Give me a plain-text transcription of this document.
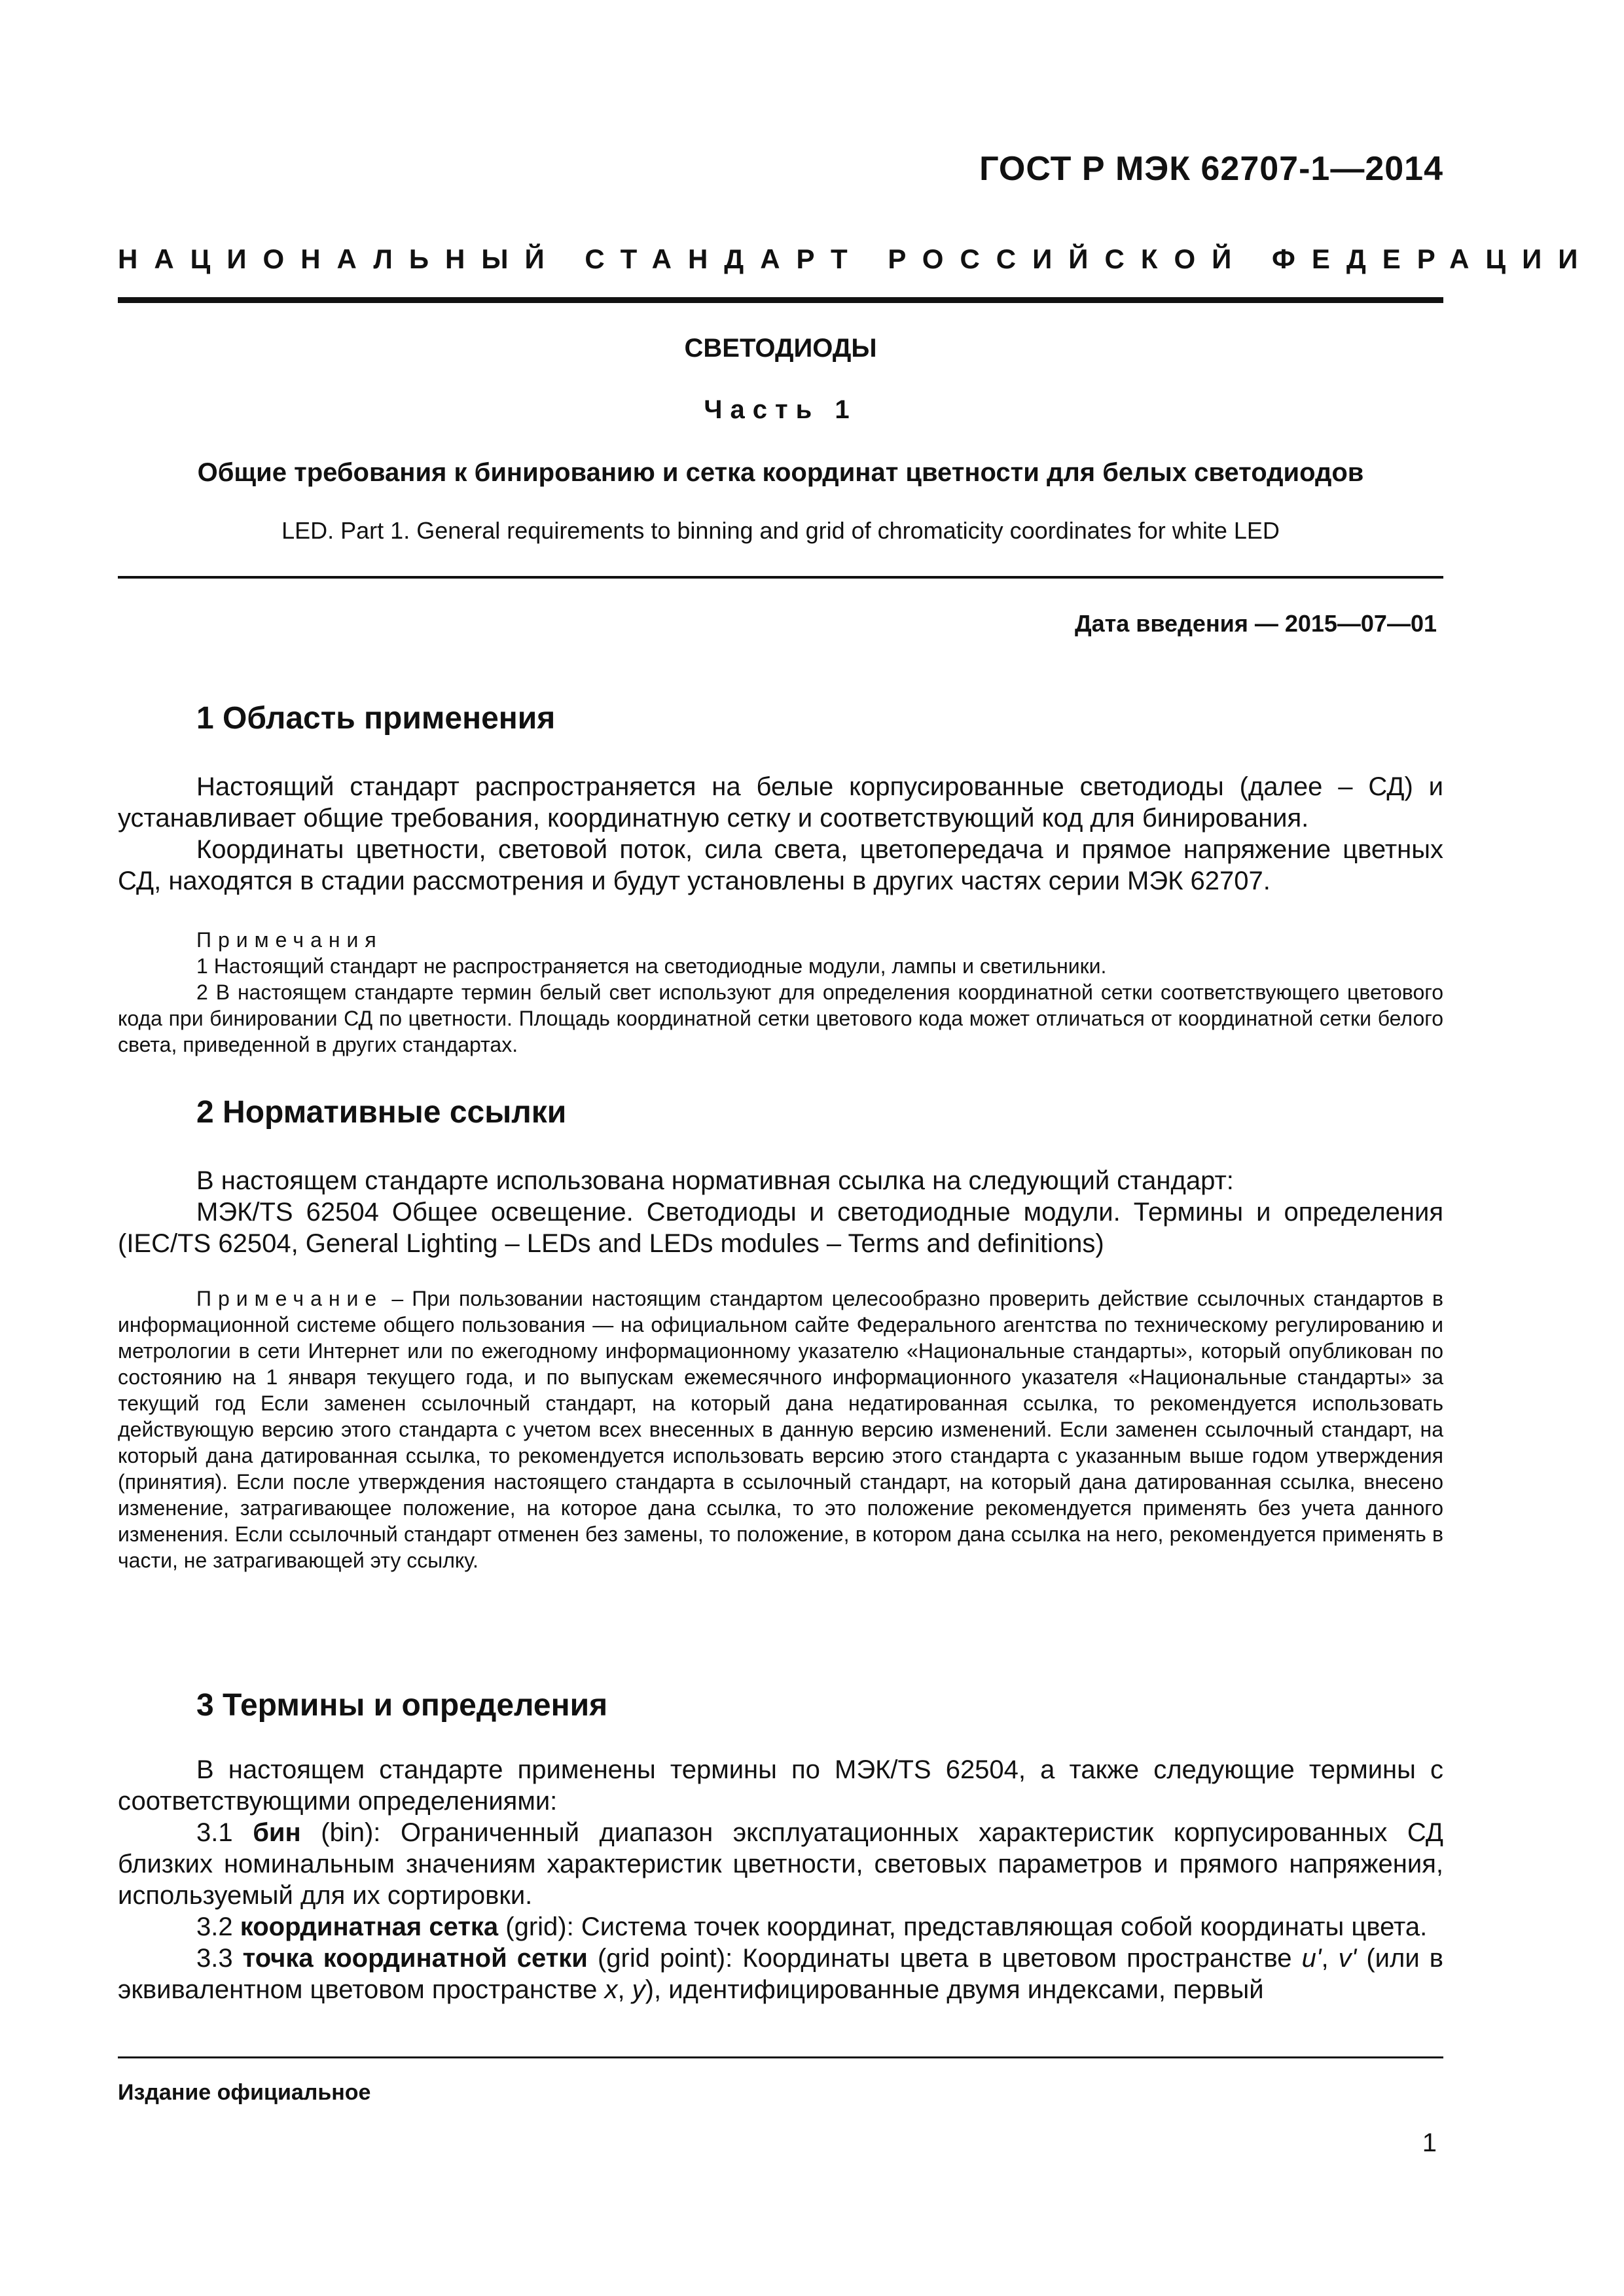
ГОСТ Р МЭК 62707-1—2014
НАЦИОНАЛЬНЫЙ СТАНДАРТ РОССИЙСКОЙ ФЕДЕРАЦИИ
СВЕТОДИОДЫ
Часть 1
Общие требования к бинированию и сетка координат цветности для белых светодиодов
LED. Part 1. General requirements to binning and grid of chromaticity coordinates for white LED
Дата введения — 2015—07—01
1 Область применения

Настоящий стандарт распространяется на белые корпусированные светодиоды (далее – СД) и устанавливает общие требования, координатную сетку и соответствующий код для бинирования.

Координаты цветности, световой поток, сила света, цветопередача и прямое напряжение цветных СД, находятся в стадии рассмотрения и будут установлены в других частях серии МЭК 62707.

Примечания

1 Настоящий стандарт не распространяется на светодиодные модули, лампы и светильники.

2 В настоящем стандарте термин белый свет используют для определения координатной сетки соответствующего цветового кода при бинировании СД по цветности. Площадь координатной сетки цветового кода может отличаться от координатной сетки белого света, приведенной в других стандартах.

2 Нормативные ссылки

В настоящем стандарте использована нормативная ссылка на следующий стандарт:

МЭК/TS 62504 Общее освещение. Светодиоды и светодиодные модули. Термины и определения (IEC/TS 62504, General Lighting – LEDs and LEDs modules – Terms and definitions)

Примечание – При пользовании настоящим стандартом целесообразно проверить действие ссылочных стандартов в информационной системе общего пользования — на официальном сайте Федерального агентства по техническому регулированию и метрологии в сети Интернет или по ежегодному информационному указателю «Национальные стандарты», который опубликован по состоянию на 1 января текущего года, и по выпускам ежемесячного информационного указателя «Национальные стандарты» за текущий год Если заменен ссылочный стандарт, на который дана недатированная ссылка, то рекомендуется использовать действующую версию этого стандарта с учетом всех внесенных в данную версию изменений. Если заменен ссылочный стандарт, на который дана датированная ссылка, то рекомендуется использовать версию этого стандарта с указанным выше годом утверждения (принятия). Если после утверждения настоящего стандарта в ссылочный стандарт, на который дана датированная ссылка, внесено изменение, затрагивающее положение, на которое дана ссылка, то это положение рекомендуется применять без учета данного изменения. Если ссылочный стандарт отменен без замены, то положение, в котором дана ссылка на него, рекомендуется применять в части, не затрагивающей эту ссылку.

3 Термины и определения

В настоящем стандарте применены термины по МЭК/TS 62504, а также следующие термины с соответствующими определениями:

3.1 бин (bin): Ограниченный диапазон эксплуатационных характеристик корпусированных СД близких номинальным значениям характеристик цветности, световых параметров и прямого напряжения, используемый для их сортировки.

3.2 координатная сетка (grid): Система точек координат, представляющая собой координаты цвета.

3.3 точка координатной сетки (grid point): Координаты цвета в цветовом пространстве u', v' (или в эквивалентном цветовом пространстве x, y), идентифицированные двумя индексами, первый

Издание официальное
1
